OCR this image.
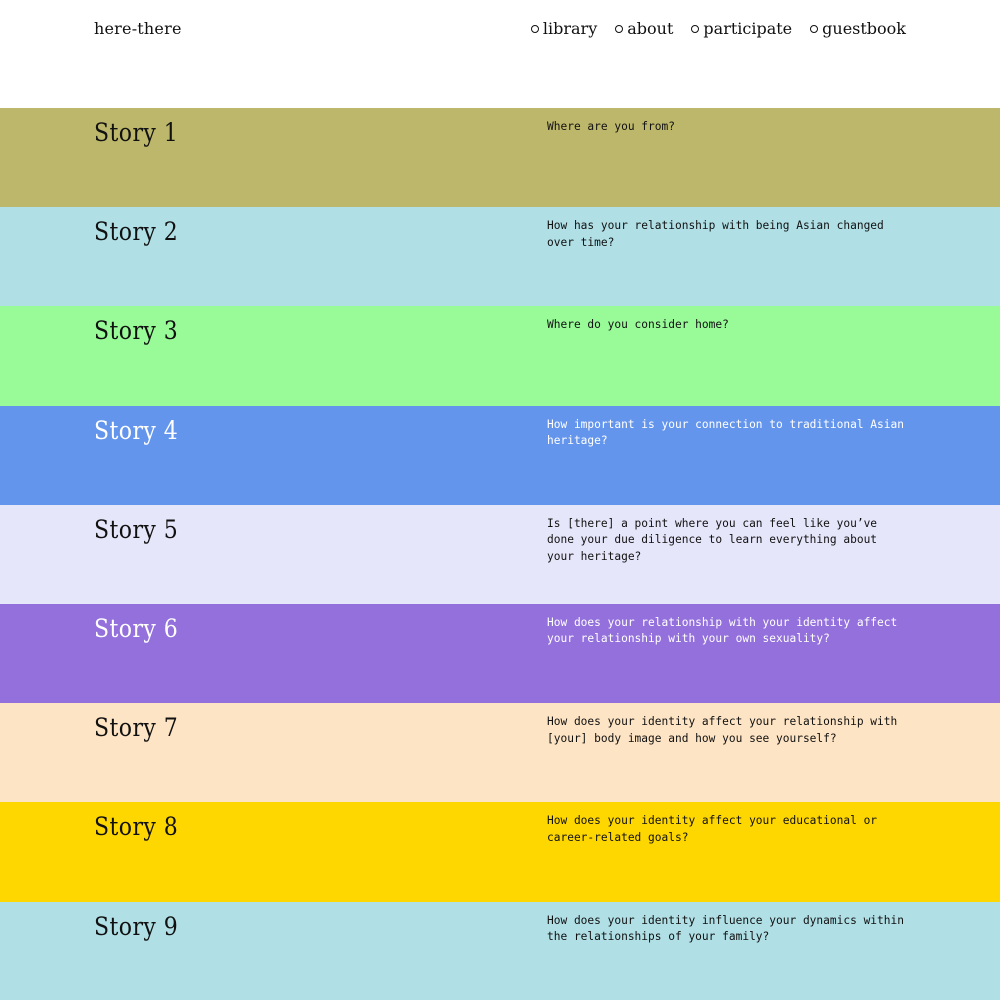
here-there	library about participate guestbook
Story 1	Where are you from?
Story 2	How has your relationship with being Asian changed over time?
Story 3	Where do you consider home?
Story 4	How important is your connection to traditional Asian heritage?
Story 5	Is [there] a point where you can feel like you’ve done your due diligence to learn everything about your heritage?
Story 6	How does your relationship with your identity affect your relationship with your own sexuality?
Story 7	How does your identity affect your relationship with [your] body image and how you see yourself?
Story 8	How does your identity affect your educational or career-related goals?
Story 9	How does your identity influence your dynamics within the relationships of your family?
